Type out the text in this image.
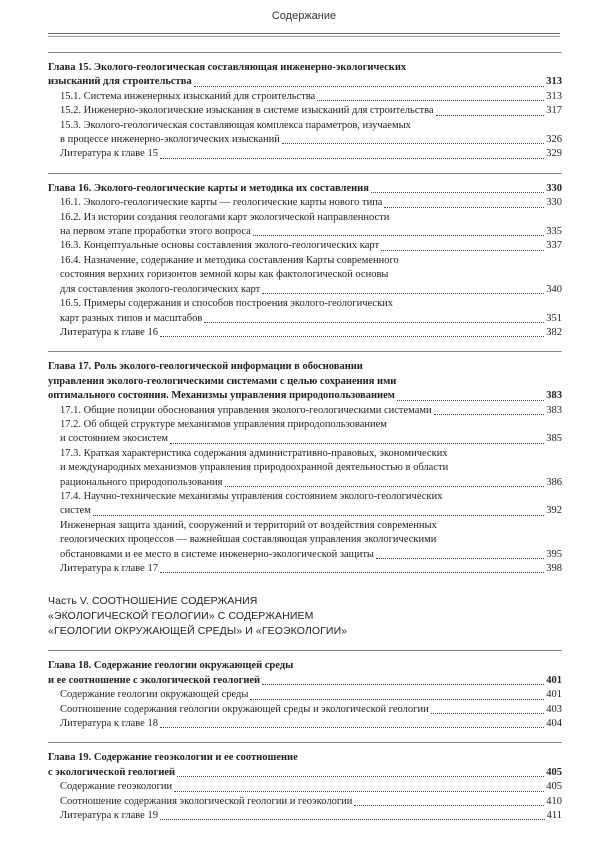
Содержание
Глава 15. Эколого-геологическая составляющая инженерно-экологических
изысканий для строительства	313
15.1. Система инженерных изысканий для строительства	313
15.2. Инженерно-экологические изыскания в системе изысканий для строительства	317
15.3. Эколого-геологическая составляющая комплекса параметров, изучаемых
в процессе инженерно-экологических изысканий	326
Литература к главе 15	329
Глава 16. Эколого-геологические карты и методика их составления	330
16.1. Эколого-геологические карты — геологические карты нового типа	330
16.2. Из истории создания геологами карт экологической направленности
на первом этапе проработки этого вопроса	335
16.3. Концептуальные основы составления эколого-геологических карт	337
16.4. Назначение, содержание и методика составления Карты современного
состояния верхних горизонтов земной коры как фактологической основы
для составления эколого-геологических карт	340
16.5. Примеры содержания и способов построения эколого-геологических
карт разных типов и масштабов	351
Литература к главе 16	382
Глава 17. Роль эколого-геологической информации в обосновании
управления эколого-геологическими системами с целью сохранения ими
оптимального состояния. Механизмы управления природопользованием	383
17.1. Общие позиции обоснования управления эколого-геологическими системами	383
17.2. Об общей структуре механизмов управления природопользованием
и состоянием экосистем	385
17.3. Краткая характеристика содержания административно-правовых, экономических
и международных механизмов управления природоохранной деятельностью в области
рационального природопользования	386
17.4. Научно-технические механизмы управления состоянием эколого-геологических
систем	392
Инженерная защита зданий, сооружений и территорий от воздействия современных
геологических процессов — важнейшая составляющая управления экологическими
обстановками и ее место в системе инженерно-экологической защиты	395
Литература к главе 17	398
Часть V. СООТНОШЕНИЕ СОДЕРЖАНИЯ
«ЭКОЛОГИЧЕСКОЙ ГЕОЛОГИИ» С СОДЕРЖАНИЕМ
«ГЕОЛОГИИ ОКРУЖАЮЩЕЙ СРЕДЫ» И «ГЕОЭКОЛОГИИ»
Глава 18. Содержание геологии окружающей среды
и ее соотношение с экологической геологией	401
Содержание геологии окружающей среды	401
Соотношение содержания геологии окружающей среды и экологической геологии	403
Литература к главе 18	404
Глава 19. Содержание геоэкологии и ее соотношение
с экологической геологией	405
Содержание геоэкологии	405
Соотношение содержания экологической геологии и геоэкологии	410
Литература к главе 19	411
